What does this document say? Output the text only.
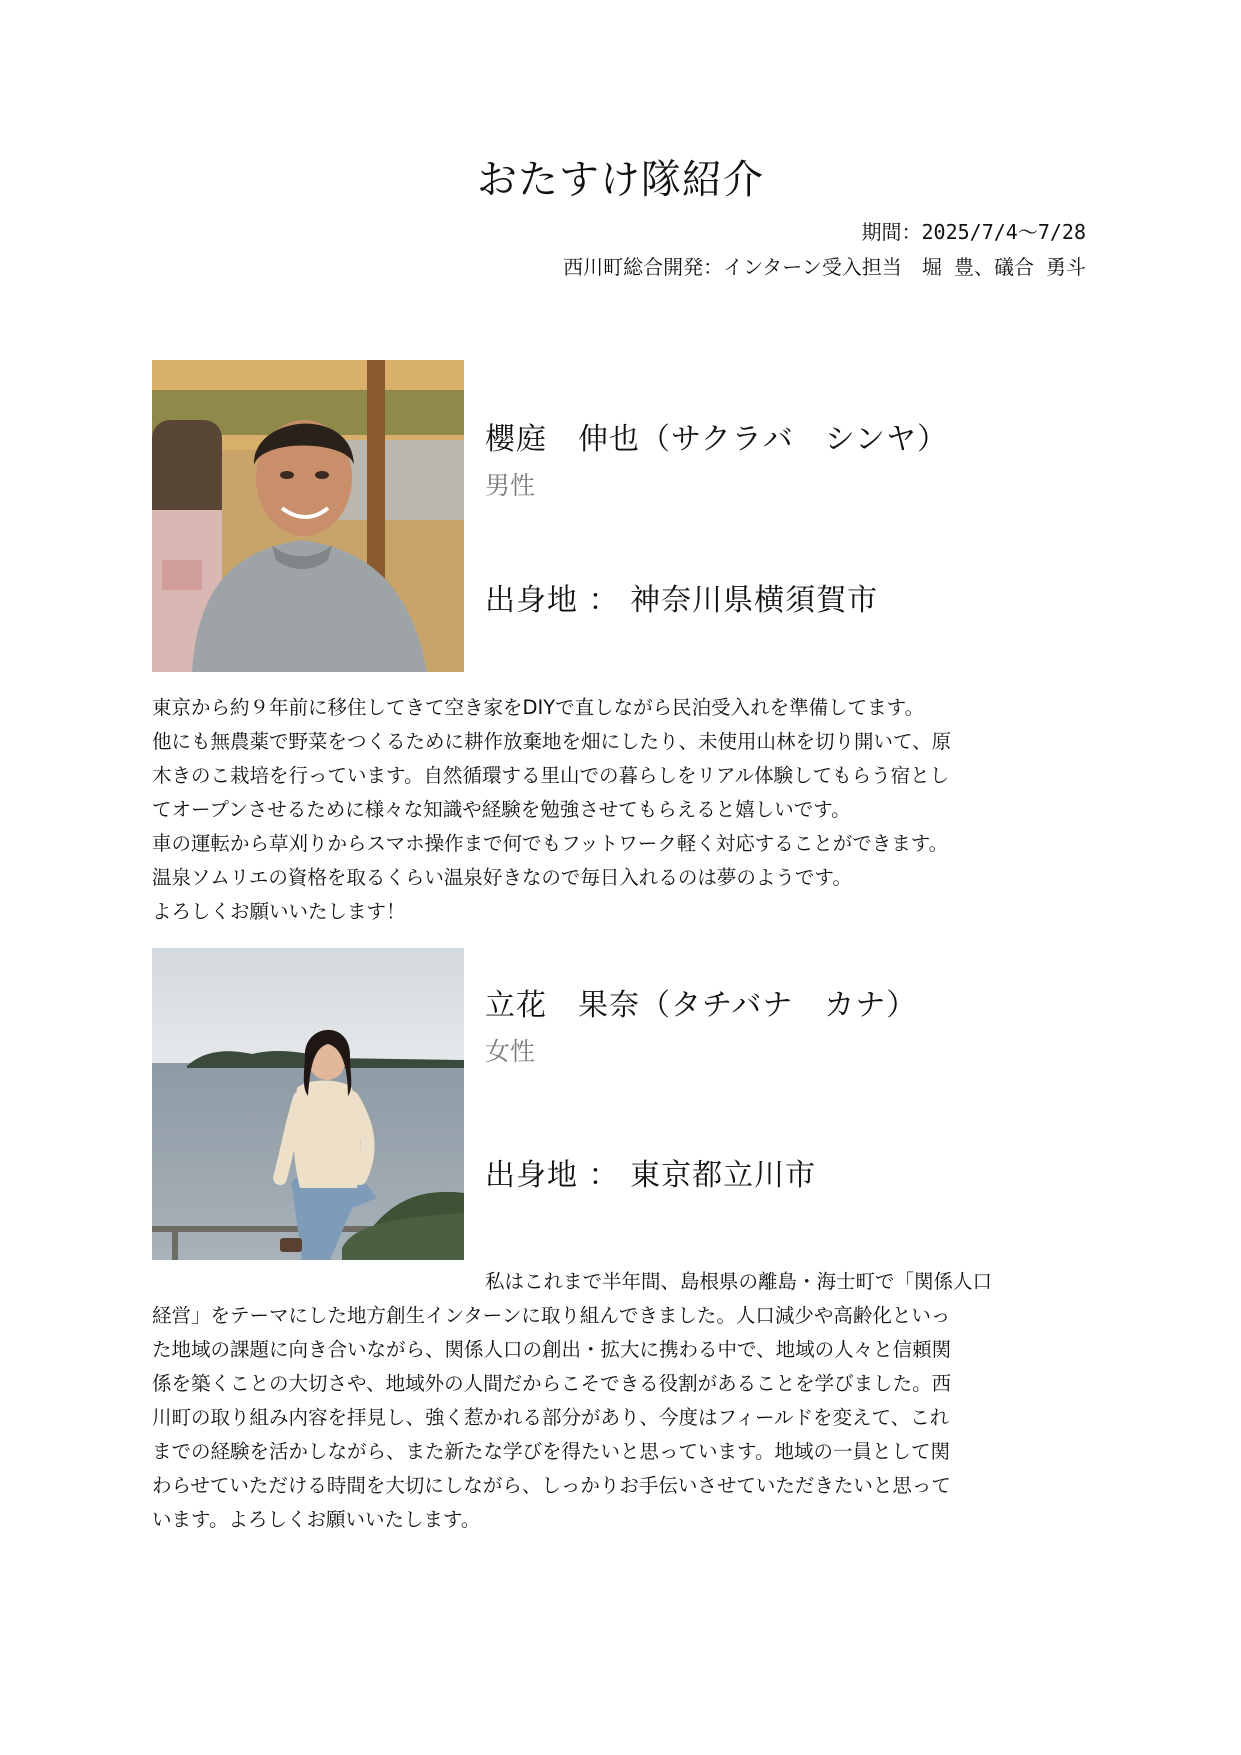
おたすけ隊紹介
期間：2025/7/4～7/28
西川町総合開発：インターン受入担当　堀 豊、礒合 勇斗
櫻庭　伸也（サクラバ　シンヤ）
男性
出身地 ： 神奈川県横須賀市
東京から約９年前に移住してきて空き家をDIYで直しながら民泊受入れを準備してます。
他にも無農薬で野菜をつくるために耕作放棄地を畑にしたり、未使用山林を切り開いて、原
木きのこ栽培を行っています。自然循環する里山での暮らしをリアル体験してもらう宿とし
てオープンさせるために様々な知識や経験を勉強させてもらえると嬉しいです。
車の運転から草刈りからスマホ操作まで何でもフットワーク軽く対応することができます。
温泉ソムリエの資格を取るくらい温泉好きなので毎日入れるのは夢のようです。
よろしくお願いいたします！
立花　果奈（タチバナ　カナ）
女性
出身地 ： 東京都立川市
私はこれまで半年間、島根県の離島・海士町で「関係人口
経営」をテーマにした地方創生インターンに取り組んできました。人口減少や高齢化といっ
た地域の課題に向き合いながら、関係人口の創出・拡大に携わる中で、地域の人々と信頼関
係を築くことの大切さや、地域外の人間だからこそできる役割があることを学びました。西
川町の取り組み内容を拝見し、強く惹かれる部分があり、今度はフィールドを変えて、これ
までの経験を活かしながら、また新たな学びを得たいと思っています。地域の一員として関
わらせていただける時間を大切にしながら、しっかりお手伝いさせていただきたいと思って
います。よろしくお願いいたします。
